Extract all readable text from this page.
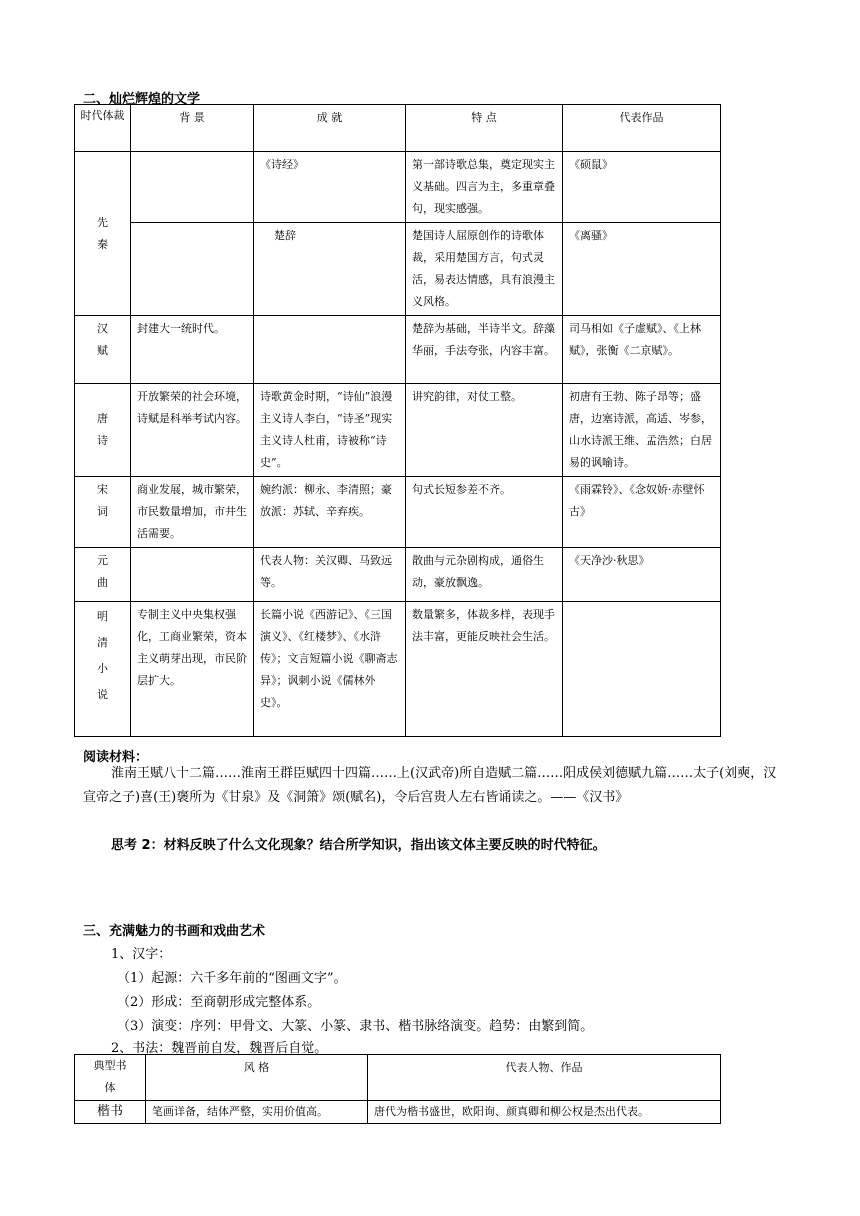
二、灿烂辉煌的文学
时代体裁	背 景	成 就	特 点	代表作品
先秦		《诗经》	第一部诗歌总集，奠定现实主义基础。四言为主，多重章叠句，现实感强。	《硕鼠》
		楚辞	楚国诗人屈原创作的诗歌体裁，采用楚国方言，句式灵活，易表达情感，具有浪漫主义风格。	《离骚》
汉赋	封建大一统时代。		楚辞为基础，半诗半文。辞藻华丽，手法夸张，内容丰富。	司马相如《子虚赋》、《上林赋》，张衡《二京赋》。
唐诗	开放繁荣的社会环境，诗赋是科举考试内容。	诗歌黄金时期，“诗仙”浪漫主义诗人李白，“诗圣”现实主义诗人杜甫，诗被称“诗史”。	讲究韵律，对仗工整。	初唐有王勃、陈子昂等；盛唐，边塞诗派，高适、岑参，山水诗派王维、孟浩然；白居易的讽喻诗。
宋词	商业发展，城市繁荣，市民数量增加，市井生活需要。	婉约派：柳永、李清照；豪放派：苏轼、辛弃疾。	句式长短参差不齐。	《雨霖铃》、《念奴娇·赤壁怀古》
元曲		代表人物：关汉卿、马致远等。	散曲与元杂剧构成，通俗生动，豪放飘逸。	《天净沙·秋思》
明清小说	专制主义中央集权强化，工商业繁荣，资本主义萌芽出现，市民阶层扩大。	长篇小说《西游记》、《三国演义》、《红楼梦》、《水浒传》；文言短篇小说《聊斋志异》；讽刺小说《儒林外史》。	数量繁多，体裁多样，表现手法丰富，更能反映社会生活。	
阅读材料：
淮南王赋八十二篇……淮南王群臣赋四十四篇……上(汉武帝)所自造赋二篇……阳成侯刘德赋九篇……太子(刘奭，汉宣帝之子)喜(王)褒所为《甘泉》及《洞箫》颂(赋名)，令后宫贵人左右皆诵读之。——《汉书》
思考 2：材料反映了什么文化现象？结合所学知识，指出该文体主要反映的时代特征。
三、充满魅力的书画和戏曲艺术
1、汉字：
（1）起源：六千多年前的“图画文字”。
（2）形成：至商朝形成完整体系。
（3）演变：序列：甲骨文、大篆、小篆、隶书、楷书脉络演变。趋势：由繁到简。
2、书法：魏晋前自发，魏晋后自觉。
典型书体	风 格	代表人物、作品
楷书	笔画详备，结体严整，实用价值高。	唐代为楷书盛世，欧阳询、颜真卿和柳公权是杰出代表。
